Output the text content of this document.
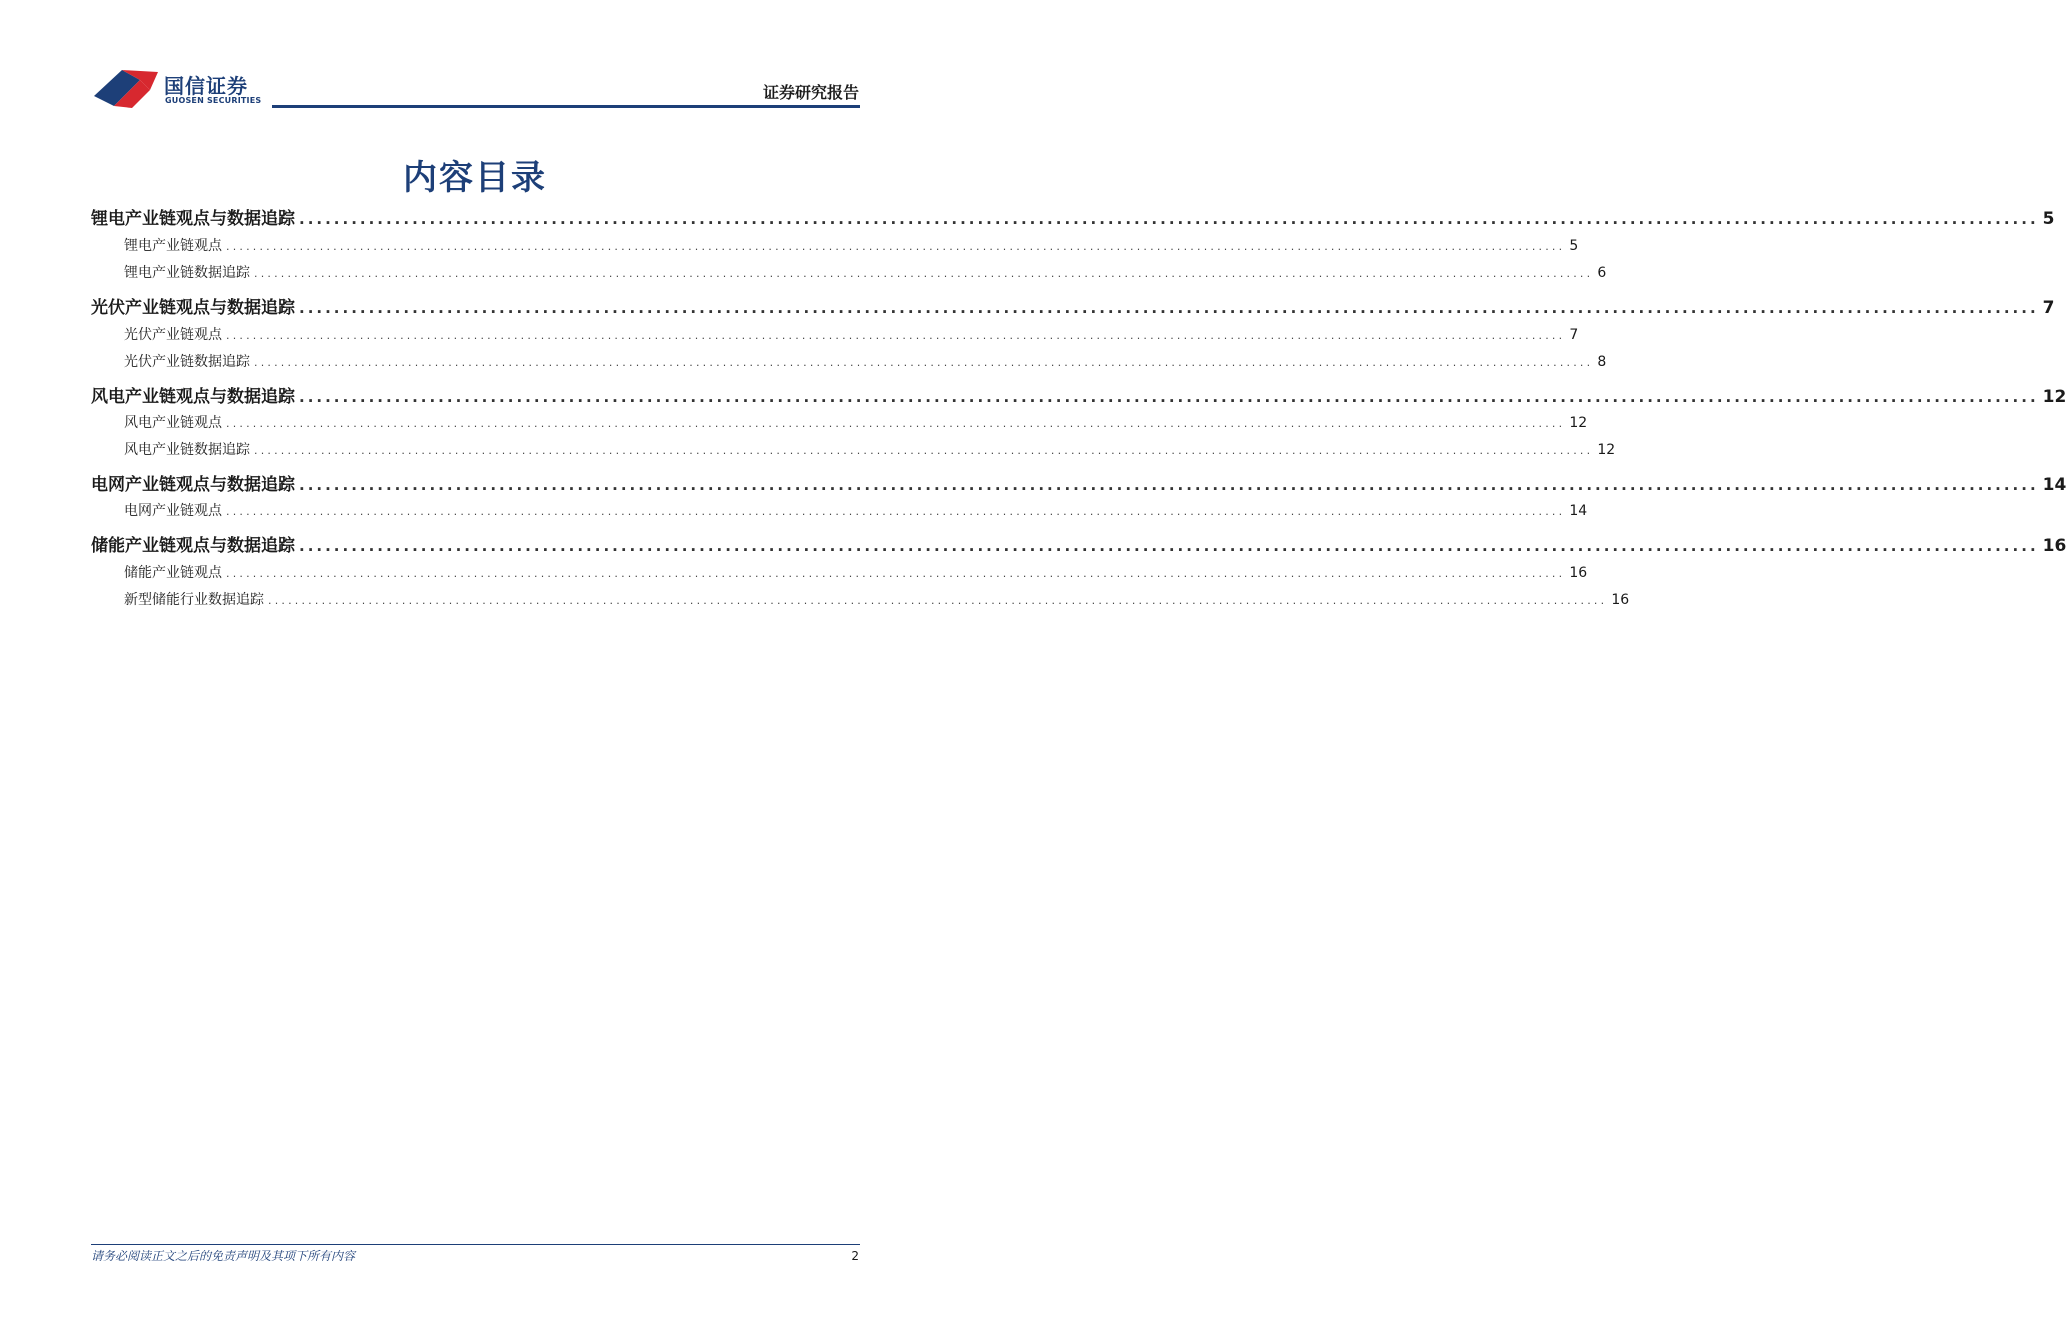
国信证券
GUOSEN SECURITIES	证券研究报告
内容目录
锂电产业链观点与数据追踪 ........................................................................................................................................................................................................ 5
锂电产业链观点 ........................................................................................................................................................................................................ 5
锂电产业链数据追踪 ........................................................................................................................................................................................................ 6
光伏产业链观点与数据追踪 ........................................................................................................................................................................................................ 7
光伏产业链观点 ........................................................................................................................................................................................................ 7
光伏产业链数据追踪 ........................................................................................................................................................................................................ 8
风电产业链观点与数据追踪 ........................................................................................................................................................................................................ 12
风电产业链观点 ........................................................................................................................................................................................................ 12
风电产业链数据追踪 ........................................................................................................................................................................................................ 12
电网产业链观点与数据追踪 ........................................................................................................................................................................................................ 14
电网产业链观点 ........................................................................................................................................................................................................ 14
储能产业链观点与数据追踪 ........................................................................................................................................................................................................ 16
储能产业链观点 ........................................................................................................................................................................................................ 16
新型储能行业数据追踪 ........................................................................................................................................................................................................ 16
请务必阅读正文之后的免责声明及其项下所有内容	2
